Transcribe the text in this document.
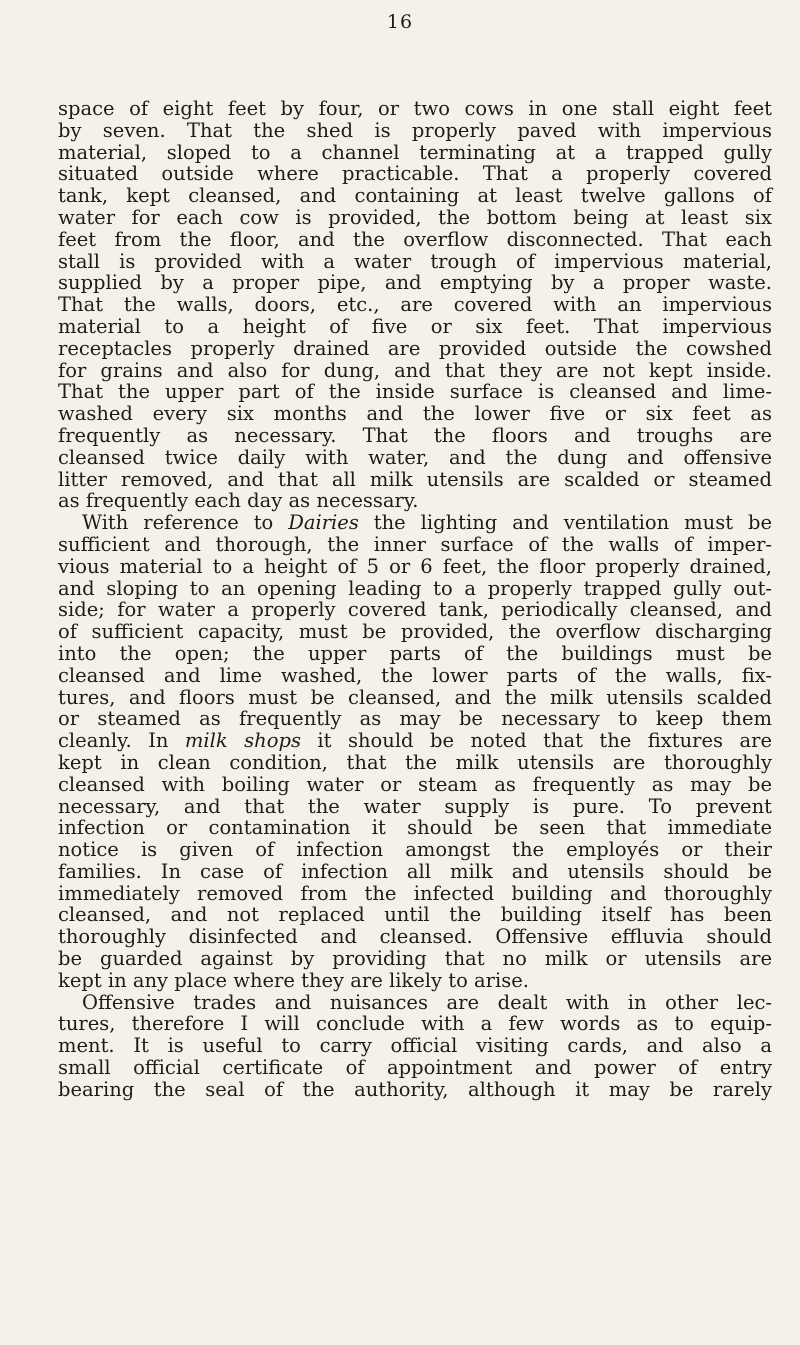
16
space of eight feet by four, or two cows in one stall eight feet
by seven. That the shed is properly paved with impervious
material, sloped to a channel terminating at a trapped gully
situated outside where practicable. That a properly covered
tank, kept cleansed, and containing at least twelve gallons of
water for each cow is provided, the bottom being at least six
feet from the floor, and the overflow disconnected. That each
stall is provided with a water trough of impervious material,
supplied by a proper pipe, and emptying by a proper waste.
That the walls, doors, etc., are covered with an impervious
material to a height of five or six feet. That impervious
receptacles properly drained are provided outside the cowshed
for grains and also for dung, and that they are not kept inside.
That the upper part of the inside surface is cleansed and lime-
washed every six months and the lower five or six feet as
frequently as necessary. That the floors and troughs are
cleansed twice daily with water, and the dung and offensive
litter removed, and that all milk utensils are scalded or steamed
as frequently each day as necessary.
With reference to Dairies the lighting and ventilation must be
sufficient and thorough, the inner surface of the walls of imper-
vious material to a height of 5 or 6 feet, the floor properly drained,
and sloping to an opening leading to a properly trapped gully out-
side; for water a properly covered tank, periodically cleansed, and
of sufficient capacity, must be provided, the overflow discharging
into the open; the upper parts of the buildings must be
cleansed and lime washed, the lower parts of the walls, fix-
tures, and floors must be cleansed, and the milk utensils scalded
or steamed as frequently as may be necessary to keep them
cleanly. In milk shops it should be noted that the fixtures are
kept in clean condition, that the milk utensils are thoroughly
cleansed with boiling water or steam as frequently as may be
necessary, and that the water supply is pure. To prevent
infection or contamination it should be seen that immediate
notice is given of infection amongst the employés or their
families. In case of infection all milk and utensils should be
immediately removed from the infected building and thoroughly
cleansed, and not replaced until the building itself has been
thoroughly disinfected and cleansed. Offensive effluvia should
be guarded against by providing that no milk or utensils are
kept in any place where they are likely to arise.
Offensive trades and nuisances are dealt with in other lec-
tures, therefore I will conclude with a few words as to equip-
ment. It is useful to carry official visiting cards, and also a
small official certificate of appointment and power of entry
bearing the seal of the authority, although it may be rarely
